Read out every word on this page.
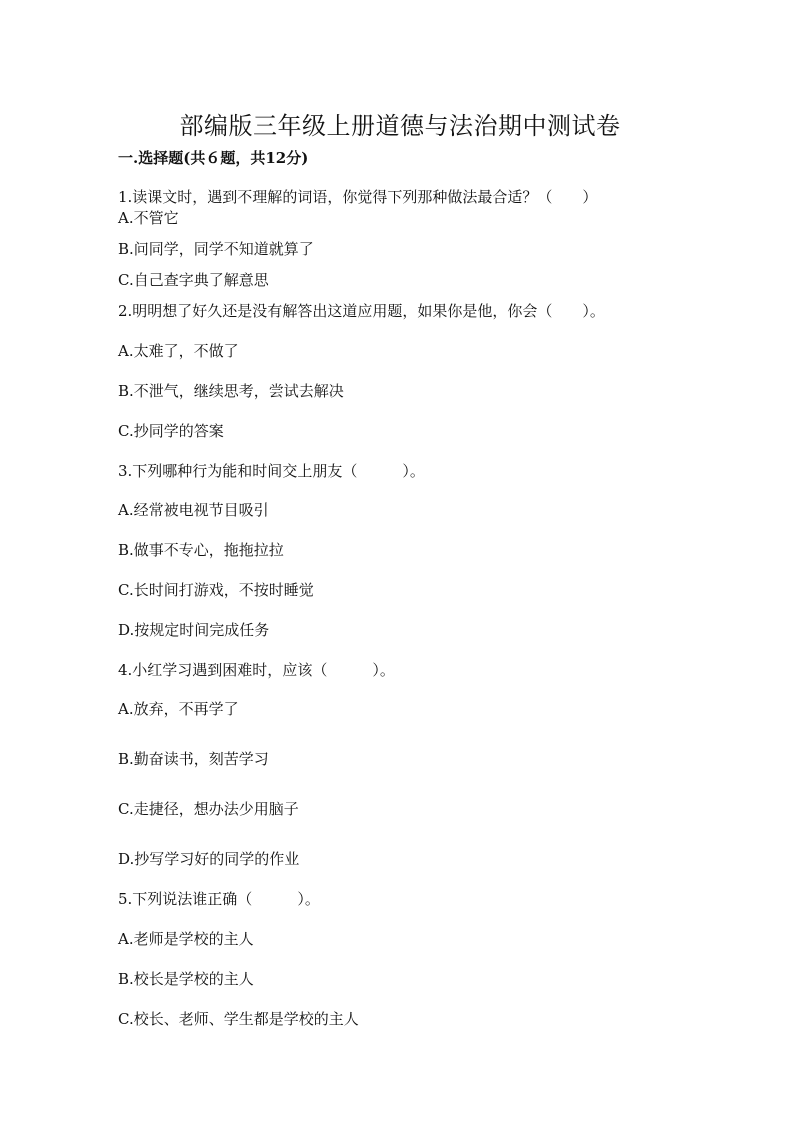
部编版三年级上册道德与法治期中测试卷
一.选择题(共６题，共12分)
1.读课文时，遇到不理解的词语，你觉得下列那种做法最合适？（　　）
A.不管它
B.问同学，同学不知道就算了
C.自己查字典了解意思
2.明明想了好久还是没有解答出这道应用题，如果你是他，你会（　　）。
A.太难了，不做了
B.不泄气，继续思考，尝试去解决
C.抄同学的答案
3.下列哪种行为能和时间交上朋友（　　　）。
A.经常被电视节目吸引
B.做事不专心，拖拖拉拉
C.长时间打游戏，不按时睡觉
D.按规定时间完成任务
4.小红学习遇到困难时，应该（　　　）。
A.放弃，不再学了
B.勤奋读书，刻苦学习
C.走捷径，想办法少用脑子
D.抄写学习好的同学的作业
5.下列说法谁正确（　　　）。
A.老师是学校的主人
B.校长是学校的主人
C.校长、老师、学生都是学校的主人
